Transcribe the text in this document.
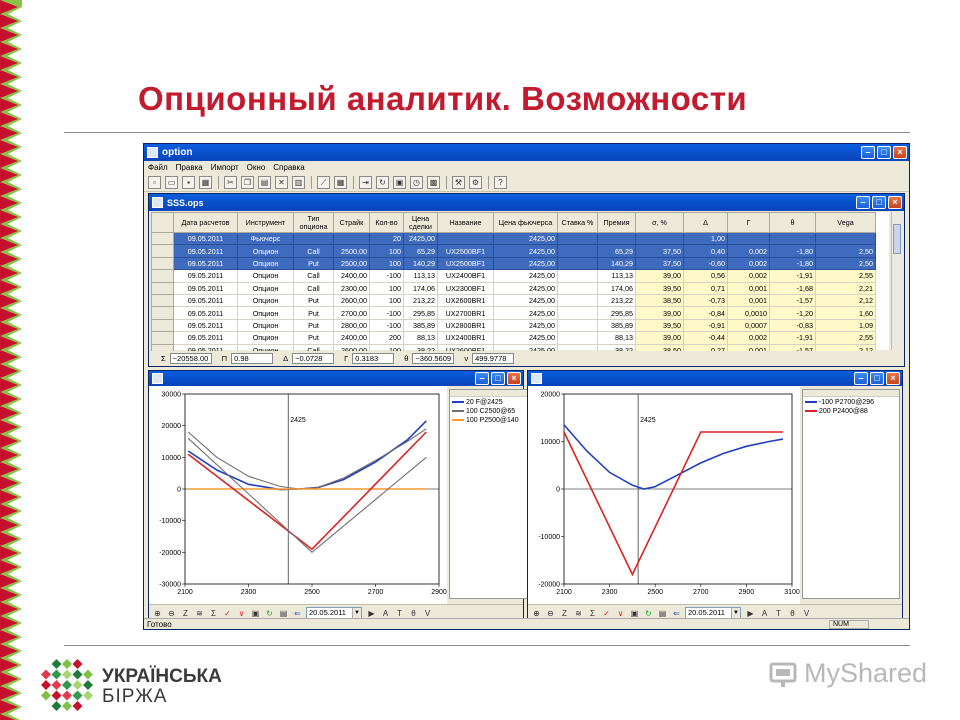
Опционный аналитик. Возможности
option	–	□	×
Файл Правка Импорт Окно Справка
▫	▭	▪	▦	✂	❐	▤	✕	▥	⟋	▦	⇥	↻	▣	◷	▩	⚒	⚙	?
SSS.ops	–	□	×
	Дата расчетов	Инструмент	Тип опциона	Страйк	Кол-во	Цена сделки	Название	Цена фьючерса	Ставка %	Премия	σ, %	Δ	Γ	θ	Vega
	09.05.2011	Фьючерс			20	2425,00		2425,00				1,00			
	09.05.2011	Опцион	Call	2500,00	100	65,29	UX2500BF1	2425,00		65,29	37,50	0,40	0,002	-1,80	2,50
	09.05.2011	Опцион	Put	2500,00	100	140,29	UX2500BF1	2425,00		140,29	37,50	-0,60	0,002	-1,80	2,50
	09.05.2011	Опцион	Call	2400,00	-100	113,13	UX2400BF1	2425,00		113,13	39,00	0,56	0,002	-1,91	2,55
	09.05.2011	Опцион	Call	2300,00	100	174,06	UX2300BF1	2425,00		174,06	39,50	0,71	0,001	-1,68	2,21
	09.05.2011	Опцион	Put	2600,00	100	213,22	UX2600BR1	2425,00		213,22	38,50	-0,73	0,001	-1,57	2,12
	09.05.2011	Опцион	Put	2700,00	-100	295,85	UX2700BR1	2425,00		295,85	39,00	-0,84	0,0010	-1,20	1,60
	09.05.2011	Опцион	Put	2800,00	-100	385,89	UX2800BR1	2425,00		385,89	39,50	-0,91	0,0007	-0,83	1,09
	09.05.2011	Опцион	Put	2400,00	200	88,13	UX2400BR1	2425,00		88,13	39,00	-0,44	0,002	-1,91	2,55

Σ −20558.00	Π 0.98	Δ −0.0728	Γ 0.3183	θ −360.5609	ν 499.9778
–	□	×
2425
30000
20000
10000
0
-10000
-20000
-30000
2100	2300	2500	2700	2900
20 F@2425
100 C2500@65
100 P2500@140
⊕ ⊖	Z	≋	Σ	✓ ∨ ▣ ↻ ▤ ⇐ 20.05.2011	▼	▶	A	T	θ	V
–	□	×
2425
20000
10000
0
-10000
-20000
2100	2300	2500	2700	2900	3100
-100 P2700@296
200 P2400@88
⊕ ⊖	Z	≋	Σ	✓ ∨ ▣ ↻ ▤ ⇐ 20.05.2011	▼	▶	A	T	θ	V
Готово	NUM
УКРАЇНСЬКА
БІРЖА
MyShared
